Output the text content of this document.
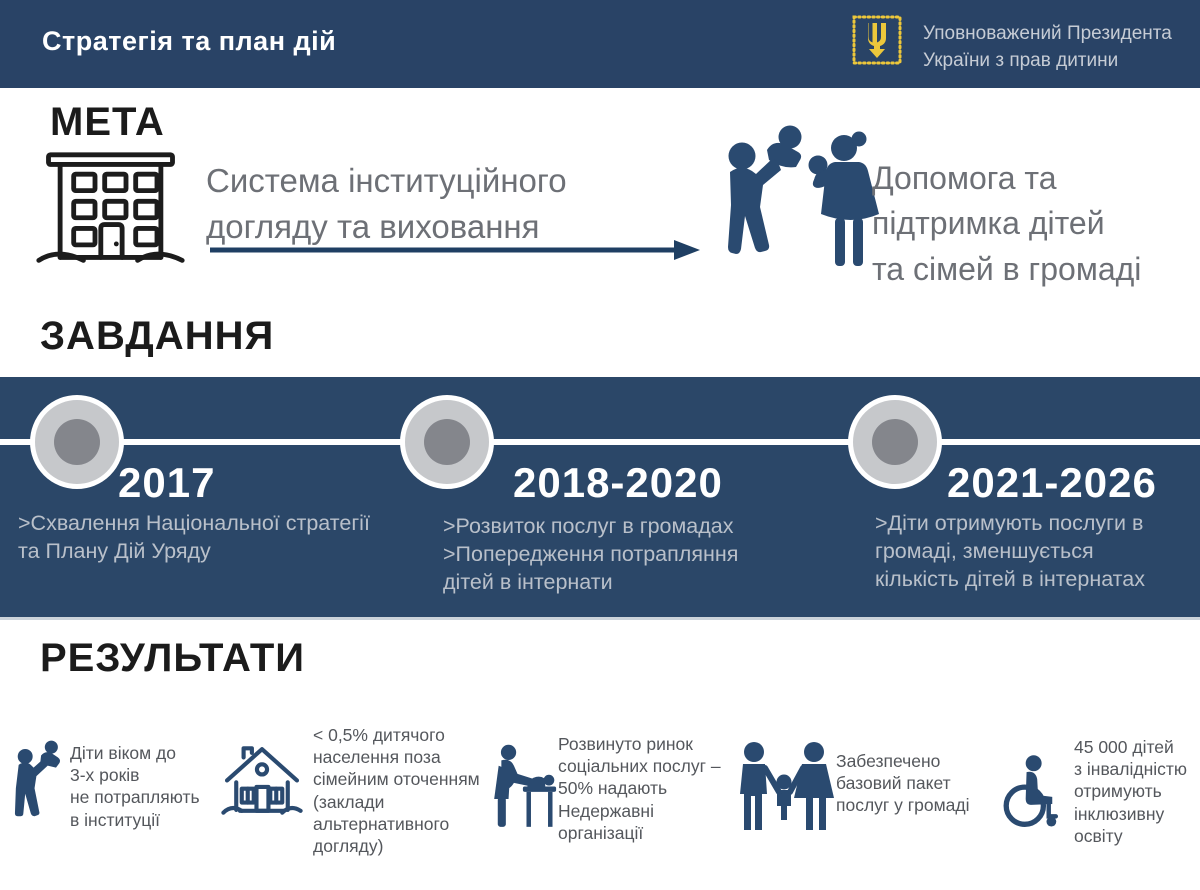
Стратегія та план дій	Уповноважений Президента
України з прав дитини
МЕТА
Система інституційного
догляду та виховання
Допомога та
підтримка дітей
та сімей в громаді
ЗАВДАННЯ
2017	2018-2020	2021-2026
>Схвалення Національної стратегії
та Плану Дій Уряду
>Розвиток послуг в громадах
>Попередження потрапляння
дітей в інтернати
>Діти отримують послуги в
громаді, зменшується
кількість дітей в інтернатах
РЕЗУЛЬТАТИ
Діти віком до
3-х років
не потрапляють
в інституції
< 0,5% дитячого
населення поза
сімейним оточенням
(заклади
альтернативного
догляду)
Розвинуто ринок
соціальних послуг –
50% надають
Недержавні
організації
Забезпечено
базовий пакет
послуг у громаді
45 000 дітей
з інвалідністю
отримують
інклюзивну
освіту
